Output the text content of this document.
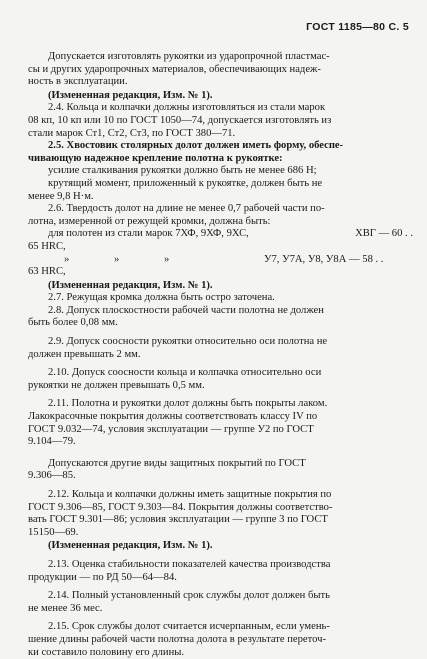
ГОСТ 1185—80 С. 5

Допускается изготовлять рукоятки из ударопрочной пластмас-

сы и других ударопрочных материалов, обеспечивающих надеж-

ность в эксплуатации.

(Измененная редакция, Изм. № 1).

2.4. Кольца и колпачки должны изготовляться из стали марок

08 кп, 10 кп или 10 по ГОСТ 1050—74, допускается изготовлять из

стали марок Ст1, Ст2, Ст3, по ГОСТ 380—71.

2.5. Хвостовик столярных долот должен иметь форму, обеспе-

чивающую надежное крепление полотна к рукоятке:

усилие сталкивания рукоятки должно быть не менее 686 Н;

крутящий момент, приложенный к рукоятке, должен быть не

менее 9,8 Н·м.

2.6. Твердость долот на длине не менее 0,7 рабочей части по-

лотна, измеренной от режущей кромки, должна быть:

для полотен из стали марок 7ХФ, 9ХФ, 9ХС,	ХВГ — 60 . .

65 HRC,

»	»	»	У7, У7А, У8, У8А — 58 . .

63 HRC,

(Измененная редакция, Изм. № 1).

2.7. Режущая кромка должна быть остро заточена.

2.8. Допуск плоскостности рабочей части полотна не должен

быть более 0,08 мм.

2.9. Допуск соосности рукоятки относительно оси полотна не

должен превышать 2 мм.

2.10. Допуск соосности кольца и колпачка относительно оси

рукоятки не должен превышать 0,5 мм.

2.11. Полотна и рукоятки долот должны быть покрыты лаком.

Лакокрасочные покрытия должны соответствовать классу IV по

ГОСТ 9.032—74, условия эксплуатации — группе У2 по ГОСТ

9.104—79.

Допускаются другие виды защитных покрытий по ГОСТ

9.306—85.

2.12. Кольца и колпачки должны иметь защитные покрытия по

ГОСТ 9.306—85, ГОСТ 9.303—84. Покрытия должны соответство-

вать ГОСТ 9.301—86; условия эксплуатации — группе 3 по ГОСТ

15150—69.

(Измененная редакция, Изм. № 1).

2.13. Оценка стабильности показателей качества производства

продукции — по РД 50—64—84.

2.14. Полный установленный срок службы долот должен быть

не менее 36 мес.

2.15. Срок службы долот считается исчерпанным, если умень-

шение длины рабочей части полотна долота в результате переточ-

ки составило половину его длины.
